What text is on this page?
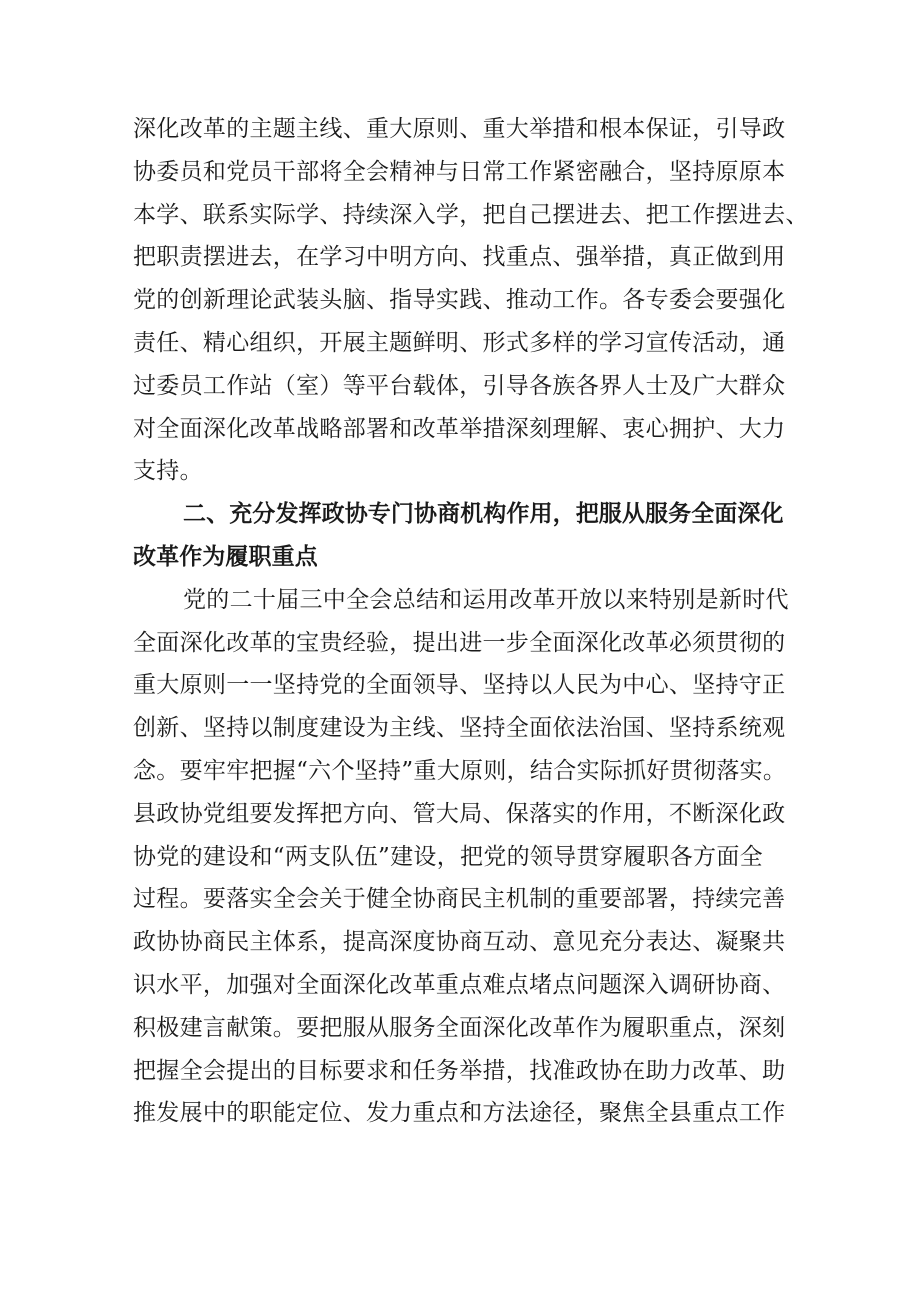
深化改革的主题主线、重大原则、重大举措和根本保证，引导政
协委员和党员干部将全会精神与日常工作紧密融合，坚持原原本
本学、联系实际学、持续深入学，把自己摆进去、把工作摆进去、
把职责摆进去，在学习中明方向、找重点、强举措，真正做到用
党的创新理论武装头脑、指导实践、推动工作。各专委会要强化
责任、精心组织，开展主题鲜明、形式多样的学习宣传活动，通
过委员工作站（室）等平台载体，引导各族各界人士及广大群众
对全面深化改革战略部署和改革举措深刻理解、衷心拥护、大力
支持。
二、充分发挥政协专门协商机构作用，把服从服务全面深化
改革作为履职重点
党的二十届三中全会总结和运用改革开放以来特别是新时代
全面深化改革的宝贵经验，提出进一步全面深化改革必须贯彻的
重大原则一一坚持党的全面领导、坚持以人民为中心、坚持守正
创新、坚持以制度建设为主线、坚持全面依法治国、坚持系统观
念。要牢牢把握“六个坚持”重大原则，结合实际抓好贯彻落实。
县政协党组要发挥把方向、管大局、保落实的作用，不断深化政
协党的建设和“两支队伍”建设，把党的领导贯穿履职各方面全
过程。要落实全会关于健全协商民主机制的重要部署，持续完善
政协协商民主体系，提高深度协商互动、意见充分表达、凝聚共
识水平，加强对全面深化改革重点难点堵点问题深入调研协商、
积极建言献策。要把服从服务全面深化改革作为履职重点，深刻
把握全会提出的目标要求和任务举措，找准政协在助力改革、助
推发展中的职能定位、发力重点和方法途径，聚焦全县重点工作
